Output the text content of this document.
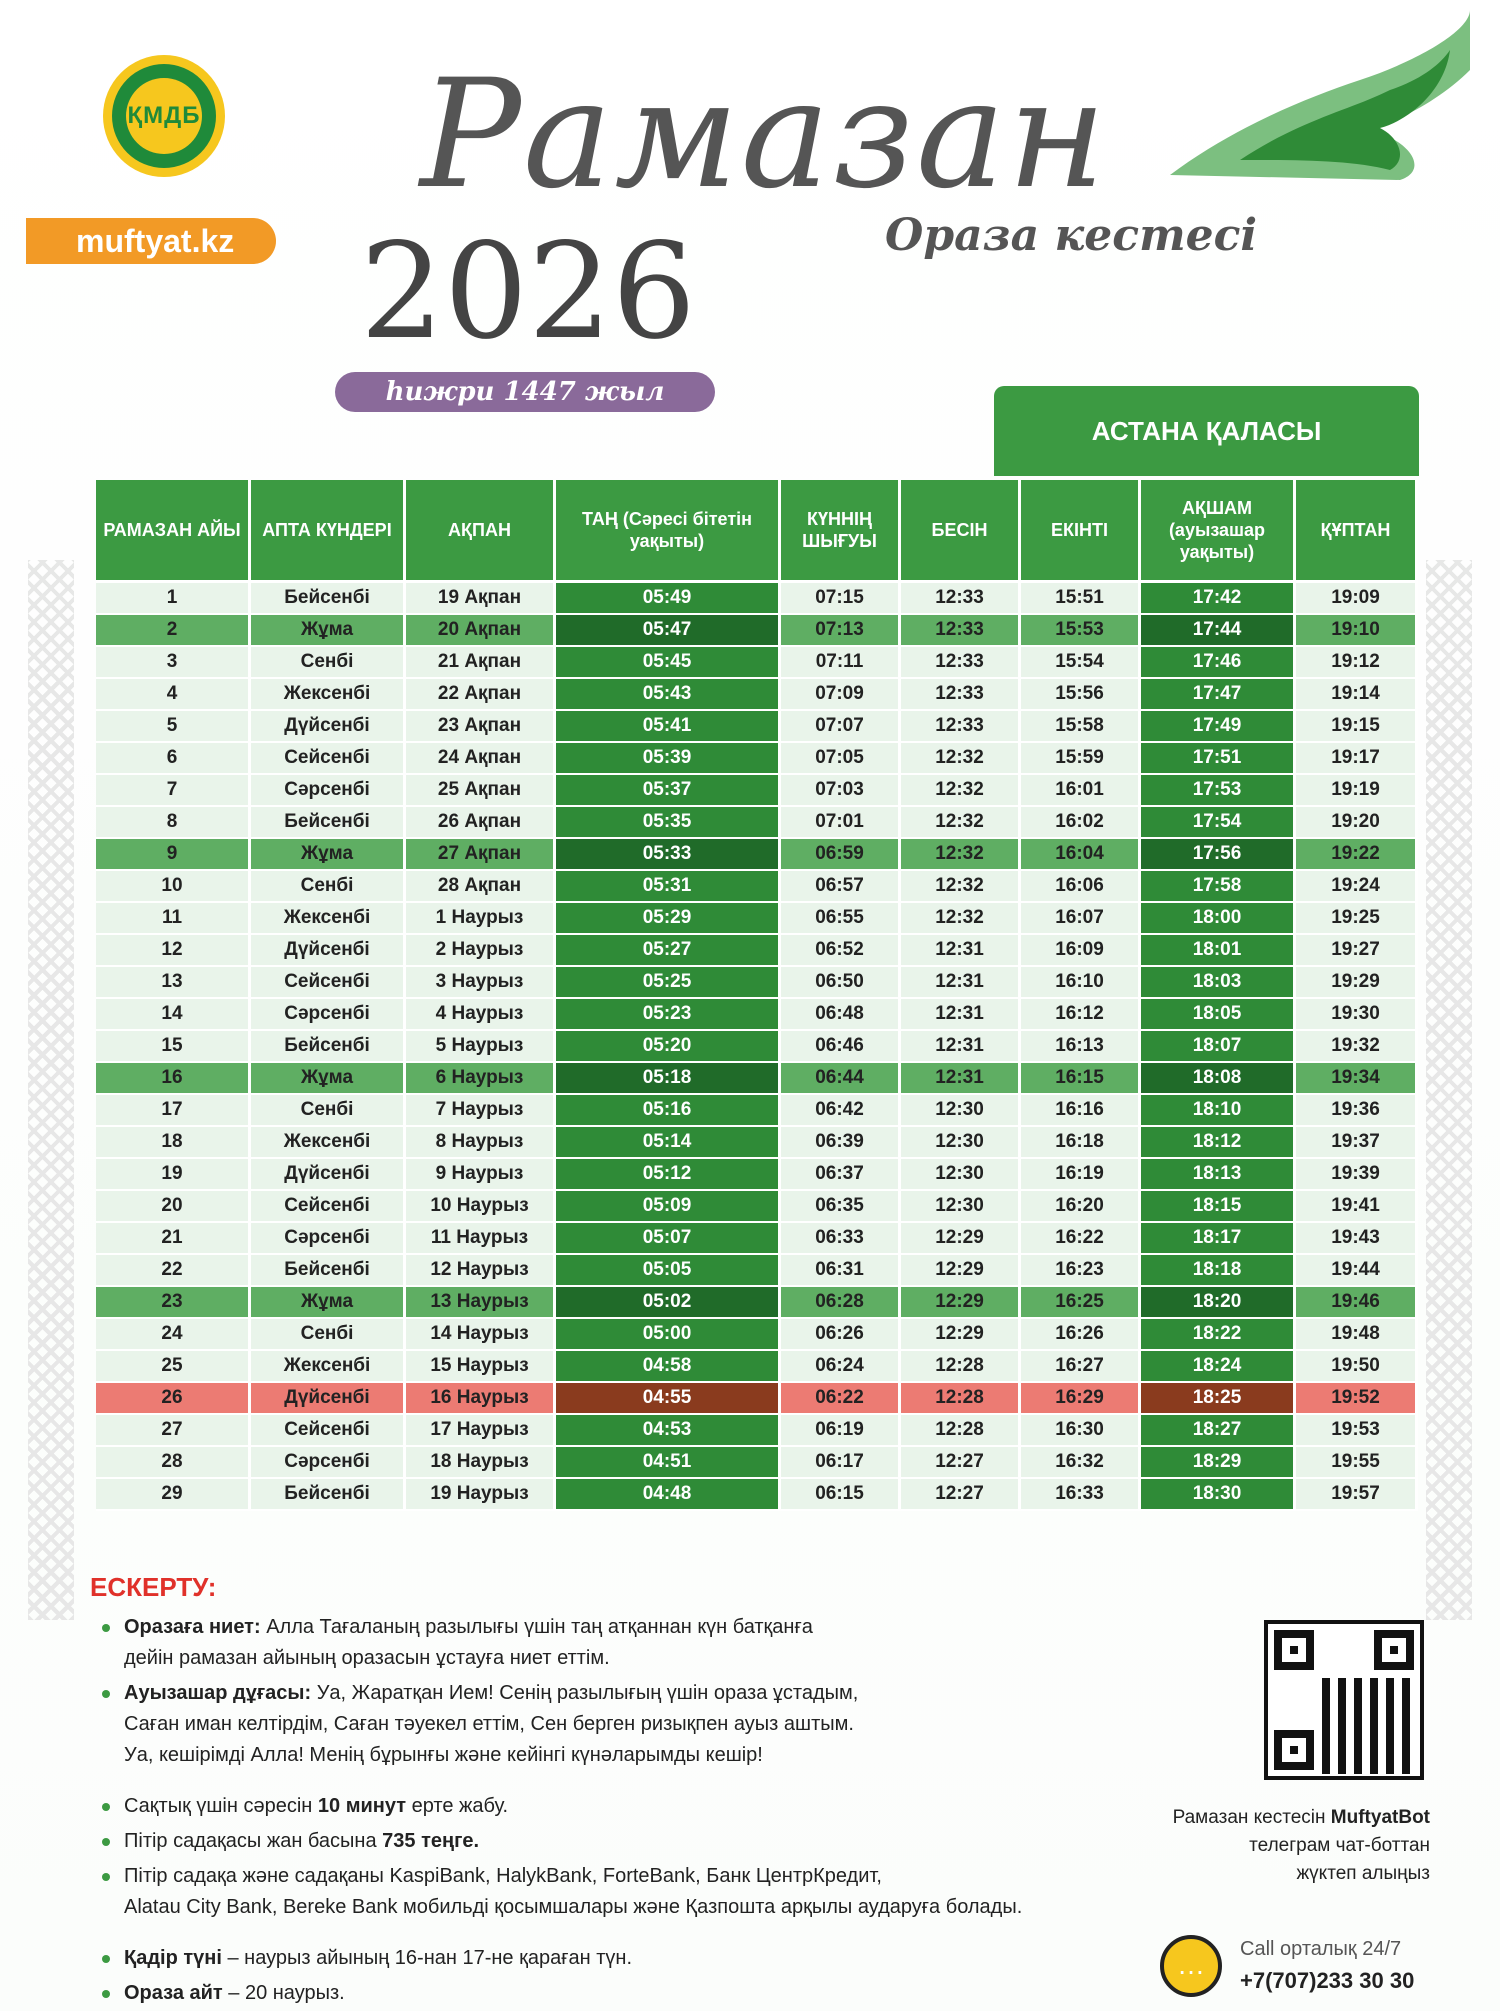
ҚМДБ
muftyat.kz
Рамазан
2026	Ораза кестесі
hижри 1447 жыл
АСТАНА ҚАЛАСЫ
РАМАЗАН АЙЫ	АПТА КҮНДЕРІ	АҚПАН	ТАҢ (Сәресі бітетін уақыты)	КҮННІҢ ШЫҒУЫ	БЕСІН	ЕКІНТІ	АҚШАМ (ауызашар уақыты)	ҚҰПТАН
1	Бейсенбі	19 Ақпан	05:49	07:15	12:33	15:51	17:42	19:09
2	Жұма	20 Ақпан	05:47	07:13	12:33	15:53	17:44	19:10
3	Сенбі	21 Ақпан	05:45	07:11	12:33	15:54	17:46	19:12
4	Жексенбі	22 Ақпан	05:43	07:09	12:33	15:56	17:47	19:14
5	Дүйсенбі	23 Ақпан	05:41	07:07	12:33	15:58	17:49	19:15
6	Сейсенбі	24 Ақпан	05:39	07:05	12:32	15:59	17:51	19:17
7	Сәрсенбі	25 Ақпан	05:37	07:03	12:32	16:01	17:53	19:19
8	Бейсенбі	26 Ақпан	05:35	07:01	12:32	16:02	17:54	19:20
9	Жұма	27 Ақпан	05:33	06:59	12:32	16:04	17:56	19:22
10	Сенбі	28 Ақпан	05:31	06:57	12:32	16:06	17:58	19:24
11	Жексенбі	1 Наурыз	05:29	06:55	12:32	16:07	18:00	19:25
12	Дүйсенбі	2 Наурыз	05:27	06:52	12:31	16:09	18:01	19:27
13	Сейсенбі	3 Наурыз	05:25	06:50	12:31	16:10	18:03	19:29
14	Сәрсенбі	4 Наурыз	05:23	06:48	12:31	16:12	18:05	19:30
15	Бейсенбі	5 Наурыз	05:20	06:46	12:31	16:13	18:07	19:32
16	Жұма	6 Наурыз	05:18	06:44	12:31	16:15	18:08	19:34
17	Сенбі	7 Наурыз	05:16	06:42	12:30	16:16	18:10	19:36
18	Жексенбі	8 Наурыз	05:14	06:39	12:30	16:18	18:12	19:37
19	Дүйсенбі	9 Наурыз	05:12	06:37	12:30	16:19	18:13	19:39
20	Сейсенбі	10 Наурыз	05:09	06:35	12:30	16:20	18:15	19:41
21	Сәрсенбі	11 Наурыз	05:07	06:33	12:29	16:22	18:17	19:43
22	Бейсенбі	12 Наурыз	05:05	06:31	12:29	16:23	18:18	19:44
23	Жұма	13 Наурыз	05:02	06:28	12:29	16:25	18:20	19:46
24	Сенбі	14 Наурыз	05:00	06:26	12:29	16:26	18:22	19:48
25	Жексенбі	15 Наурыз	04:58	06:24	12:28	16:27	18:24	19:50
26	Дүйсенбі	16 Наурыз	04:55	06:22	12:28	16:29	18:25	19:52
27	Сейсенбі	17 Наурыз	04:53	06:19	12:28	16:30	18:27	19:53
28	Сәрсенбі	18 Наурыз	04:51	06:17	12:27	16:32	18:29	19:55
29	Бейсенбі	19 Наурыз	04:48	06:15	12:27	16:33	18:30	19:57
ЕСКЕРТУ:
Оразаға ниет: Алла Тағаланың разылығы үшін таң атқаннан күн батқанға
дейін рамазан айының оразасын ұстауға ниет еттім.
Ауызашар дұғасы: Уа, Жаратқан Ием! Сенің разылығың үшін ораза ұстадым,
Саған иман келтірдім, Саған тәуекел еттім, Сен берген ризықпен ауыз аштым.
Уа, кешірімді Алла! Менің бұрынғы және кейінгі күнәларымды кешір!
Сақтық үшін сәресін 10 минут ерте жабу.
Пітір садақасы жан басына 735 теңге.
Пітір садақа және садақаны KaspiBank, HalykBank, ForteBank, Банк ЦентрКредит,
Alatau City Bank, Bereke Bank мобильді қосымшалары және Қазпошта арқылы аударуға болады.
Қадір түні – наурыз айының 16-нан 17-не қараған түн.
Ораза айт – 20 наурыз.
Рамазан кестесін MuftyatBot
телеграм чат-боттан
жүктеп алыңыз
…	Call орталық 24/7
+7(707)233 30 30
